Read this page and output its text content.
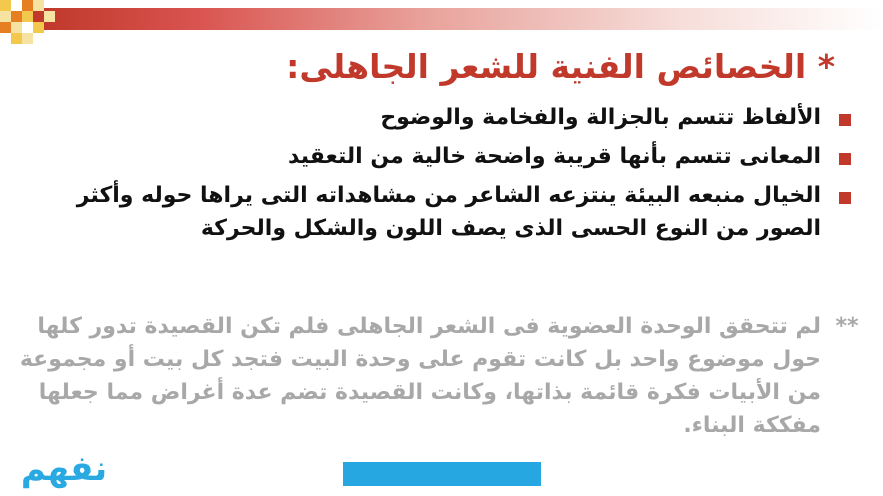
* الخصائص الفنية للشعر الجاهلى:
الألفاظ تتسم بالجزالة والفخامة والوضوح
المعانى تتسم بأنها قريبة واضحة خالية من التعقيد
الخيال منبعه البيئة ينتزعه الشاعر من مشاهداته التى يراها حوله وأكثر الصور من النوع الحسى الذى يصف اللون والشكل والحركة
**
لم تتحقق الوحدة العضوية فى الشعر الجاهلى فلم تكن القصيدة تدور كلها حول موضوع واحد بل كانت تقوم على وحدة البيت فتجد كل بيت أو مجموعة من الأبيات فكرة قائمة بذاتها، وكانت القصيدة تضم عدة أغراض مما جعلها مفككة البناء.
نفهم
